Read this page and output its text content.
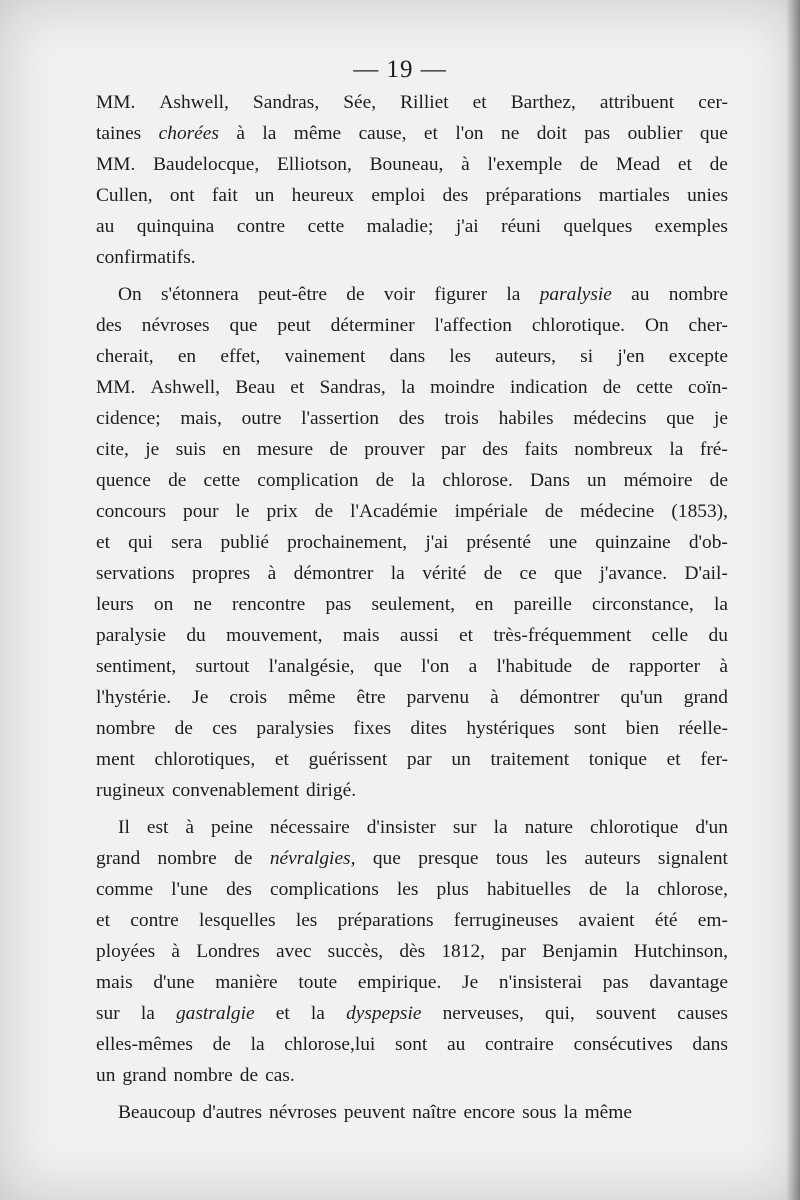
— 19 —
MM. Ashwell, Sandras, Sée, Rilliet et Barthez, attribuent cer-
taines chorées à la même cause, et l'on ne doit pas oublier que
MM. Baudelocque, Elliotson, Bouneau, à l'exemple de Mead et de
Cullen, ont fait un heureux emploi des préparations martiales unies
au quinquina contre cette maladie; j'ai réuni quelques exemples
confirmatifs.
On s'étonnera peut-être de voir figurer la paralysie au nombre
des névroses que peut déterminer l'affection chlorotique. On cher-
cherait, en effet, vainement dans les auteurs, si j'en excepte
MM. Ashwell, Beau et Sandras, la moindre indication de cette coïn-
cidence; mais, outre l'assertion des trois habiles médecins que je
cite, je suis en mesure de prouver par des faits nombreux la fré-
quence de cette complication de la chlorose. Dans un mémoire de
concours pour le prix de l'Académie impériale de médecine (1853),
et qui sera publié prochainement, j'ai présenté une quinzaine d'ob-
servations propres à démontrer la vérité de ce que j'avance. D'ail-
leurs on ne rencontre pas seulement, en pareille circonstance, la
paralysie du mouvement, mais aussi et très-fréquemment celle du
sentiment, surtout l'analgésie, que l'on a l'habitude de rapporter à
l'hystérie. Je crois même être parvenu à démontrer qu'un grand
nombre de ces paralysies fixes dites hystériques sont bien réelle-
ment chlorotiques, et guérissent par un traitement tonique et fer-
rugineux convenablement dirigé.
Il est à peine nécessaire d'insister sur la nature chlorotique d'un
grand nombre de névralgies, que presque tous les auteurs signalent
comme l'une des complications les plus habituelles de la chlorose,
et contre lesquelles les préparations ferrugineuses avaient été em-
ployées à Londres avec succès, dès 1812, par Benjamin Hutchinson,
mais d'une manière toute empirique. Je n'insisterai pas davantage
sur la gastralgie et la dyspepsie nerveuses, qui, souvent causes
elles-mêmes de la chlorose,lui sont au contraire consécutives dans
un grand nombre de cas.
Beaucoup d'autres névroses peuvent naître encore sous la même
